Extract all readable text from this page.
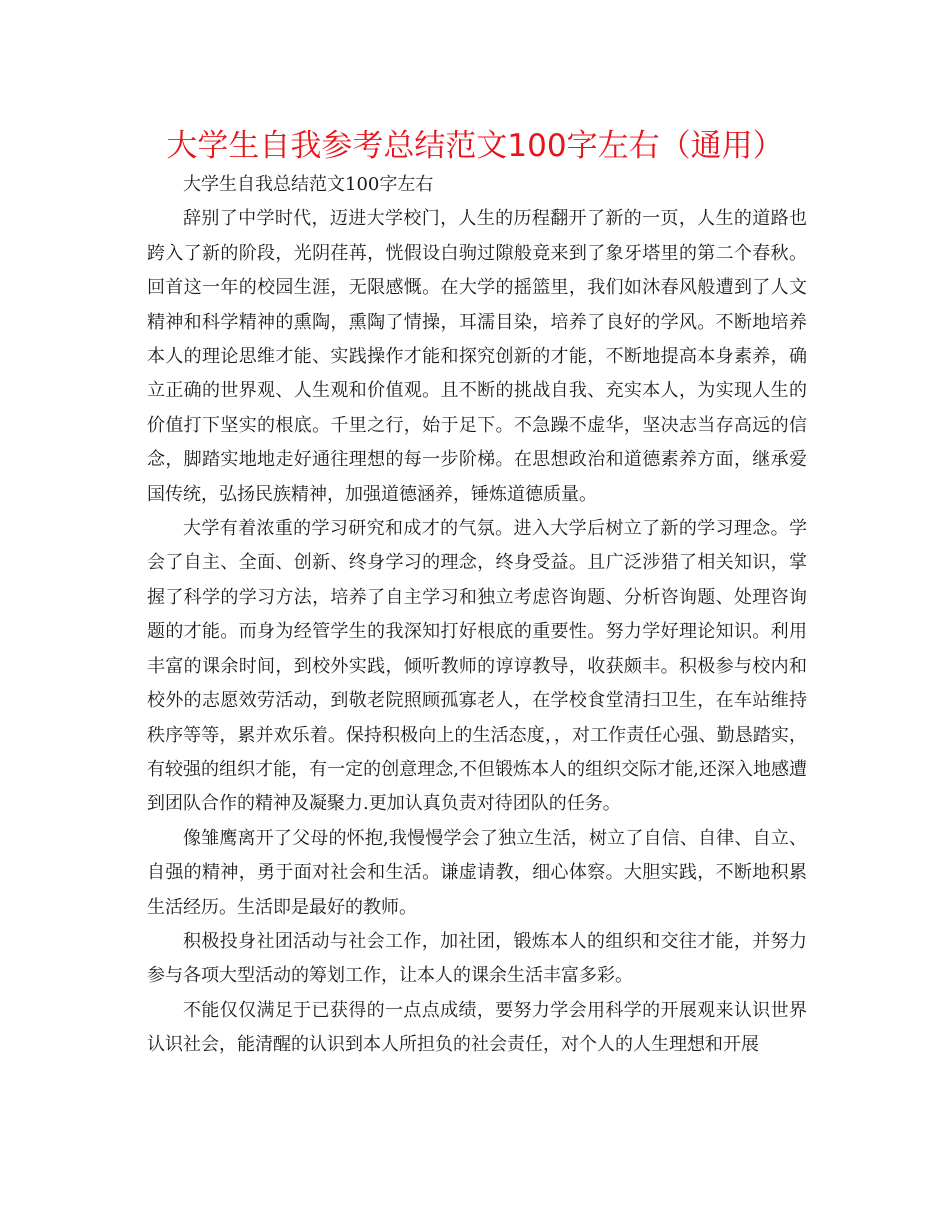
大学生自我参考总结范文100字左右（通用）

大学生自我总结范文100字左右

辞别了中学时代，迈进大学校门，人生的历程翻开了新的一页，人生的道路也跨入了新的阶段，光阴荏苒，恍假设白驹过隙般竟来到了象牙塔里的第二个春秋。回首这一年的校园生涯，无限感慨。在大学的摇篮里，我们如沐春风般遭到了人文精神和科学精神的熏陶，熏陶了情操，耳濡目染，培养了良好的学风。不断地培养本人的理论思维才能、实践操作才能和探究创新的才能，不断地提高本身素养，确立正确的世界观、人生观和价值观。且不断的挑战自我、充实本人，为实现人生的价值打下坚实的根底。千里之行，始于足下。不急躁不虚华，坚决志当存高远的信念，脚踏实地地走好通往理想的每一步阶梯。在思想政治和道德素养方面，继承爱国传统，弘扬民族精神，加强道德涵养，锤炼道德质量。

大学有着浓重的学习研究和成才的气氛。进入大学后树立了新的学习理念。学会了自主、全面、创新、终身学习的理念，终身受益。且广泛涉猎了相关知识，掌握了科学的学习方法，培养了自主学习和独立考虑咨询题、分析咨询题、处理咨询题的才能。而身为经管学生的我深知打好根底的重要性。努力学好理论知识。利用丰富的课余时间，到校外实践，倾听教师的谆谆教导，收获颇丰。积极参与校内和校外的志愿效劳活动，到敬老院照顾孤寡老人，在学校食堂清扫卫生，在车站维持秩序等等，累并欢乐着。保持积极向上的生活态度，，对工作责任心强、勤恳踏实，有较强的组织才能，有一定的创意理念,不但锻炼本人的组织交际才能,还深入地感遭到团队合作的精神及凝聚力.更加认真负责对待团队的任务。

像雏鹰离开了父母的怀抱,我慢慢学会了独立生活，树立了自信、自律、自立、自强的精神，勇于面对社会和生活。谦虚请教，细心体察。大胆实践，不断地积累生活经历。生活即是最好的教师。

积极投身社团活动与社会工作，加社团，锻炼本人的组织和交往才能，并努力参与各项大型活动的筹划工作，让本人的课余生活丰富多彩。

不能仅仅满足于已获得的一点点成绩，要努力学会用科学的开展观来认识世界认识社会，能清醒的认识到本人所担负的社会责任，对个人的人生理想和开展
